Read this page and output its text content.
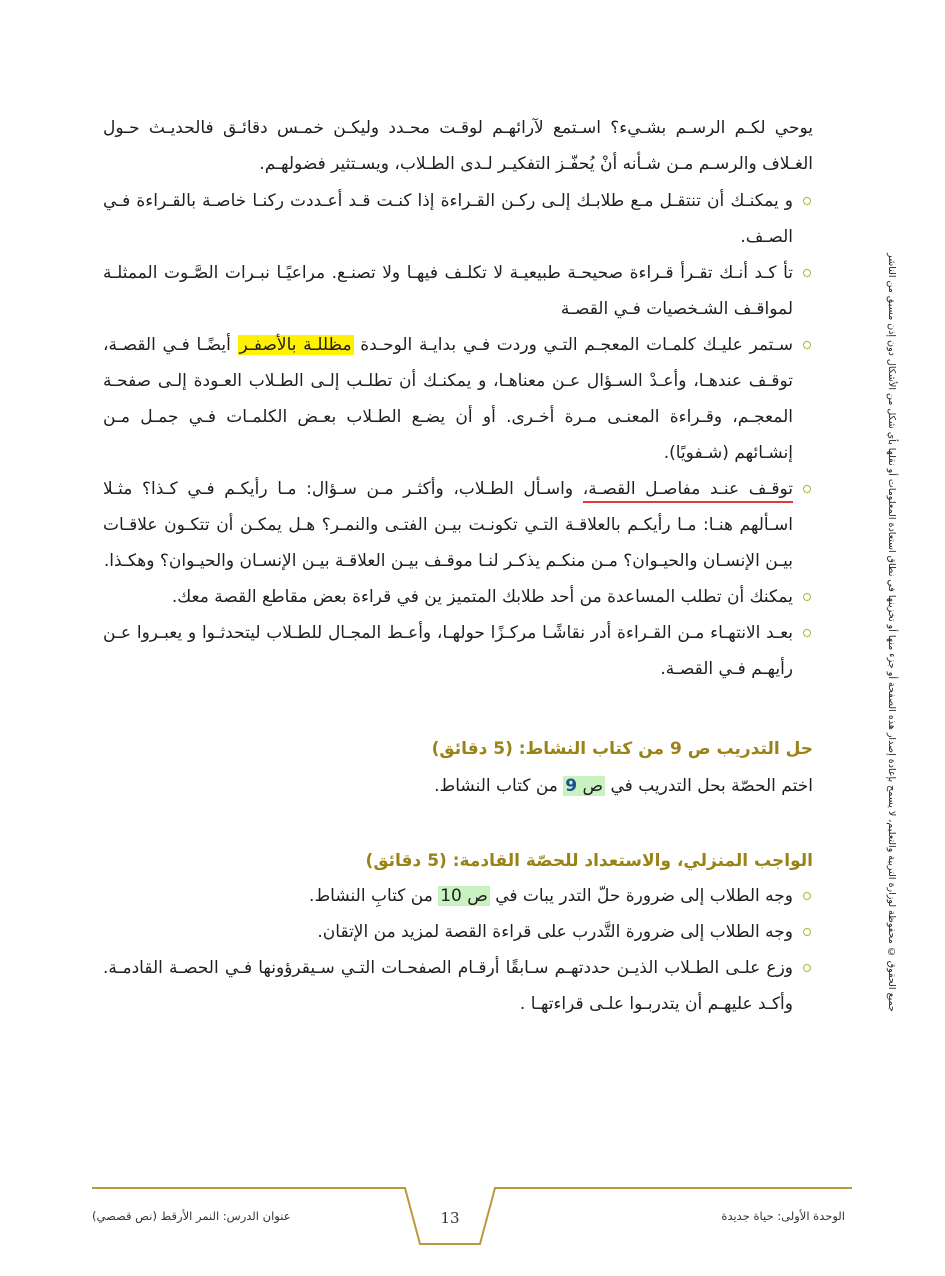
جميع الحقوق © محفوظة لوزارة التربية والتعليم، لا يسمح بإعادة إصدار هذه الصفحة أو جزء منها أو تخزينها في نطاق استعادة المعلومات أو نقلها بأي شكل من الأشكال دون إذن مسبق من الناشر

يوحي لكـم الرسـم بشـيء؟ اسـتمع لآرائهـم لوقـت محـدد وليكـن خمـس دقائـق فالحديـث حـول الغـلاف والرسـم مـن شـأنه أنْ يُحفّـز التفكيـر لـدى الطـلاب، ويسـتثير فضولهـم.

و يمكنـك أن تنتقـل مـع طلابـك إلـى ركـن القـراءة إذا كنـت قـد أعـددت ركنـا خاصـة بالقـراءة فـي الصـف.
تأ كـد أنـك تقـرأ قـراءة صحيحـة طبيعيـة لا تكلـف فيهـا ولا تصنـع. مراعيًـا نبـرات الصَّـوت الممثلـة لمواقـف الشـخصيات فـي القصـة
سـتمر عليـك كلمـات المعجـم التـي وردت فـي بدايـة الوحـدة مظللـة بالأصفـر أيضًـا فـي القصـة، توقـف عندهـا، وأعـدْ السـؤال عـن معناهـا، و يمكنـك أن تطلـب إلـى الطـلاب العـودة إلـى صفحـة المعجـم، وقـراءة المعنـى مـرة أخـرى. أو أن يضـع الطـلاب بعـض الكلمـات فـي جمـل مـن إنشـائهم (شـفويًا).
توقـف عنـد مفاصـل القصـة، واسـأل الطـلاب، وأكثـر مـن سـؤال: مـا رأيكـم فـي كـذا؟ مثـلا اسـألهم هنـا: مـا رأيكـم بالعلاقـة التـي تكونـت بيـن الفتـى والنمـر؟ هـل يمكـن أن تتكـون علاقـات بيـن الإنسـان والحيـوان؟ مـن منكـم يذكـر لنـا موقـف بيـن العلاقـة بيـن الإنسـان والحيـوان؟ وهكـذا.
يمكنك أن تطلب المساعدة من أحد طلابك المتميز ين في قراءة بعض مقاطع القصة معك.
بعـد الانتهـاء مـن القـراءة أدر نقاشًـا مركـزًا حولهـا، وأعـط المجـال للطـلاب ليتحدثـوا و يعبـروا عـن رأيهـم فـي القصـة.
حل التدريب ص 9 من كتاب النشاط: (5 دقائق)

اختم الحصّة بحل التدريب في ص 9 من كتاب النشاط.

الواجب المنزلي، والاستعداد للحصّة القادمة: (5 دقائق)
وجه الطلاب إلى ضرورة حلّ التدر يبات في ص 10 من كتابِ النشاط.
وجه الطلاب إلى ضرورة التَّدرب على قراءة القصة لمزيد من الإتقان.
وزع علـى الطـلاب الذيـن حددتهـم سـابقًا أرقـام الصفحـات التـي سـيقرؤونها فـي الحصـة القادمـة. وأكـد عليهـم أن يتدربـوا علـى قراءتهـا .
عنوان الدرس: النمر الأرقط (نص قصصي)	13	الوحدة الأولى: حياة جديدة
